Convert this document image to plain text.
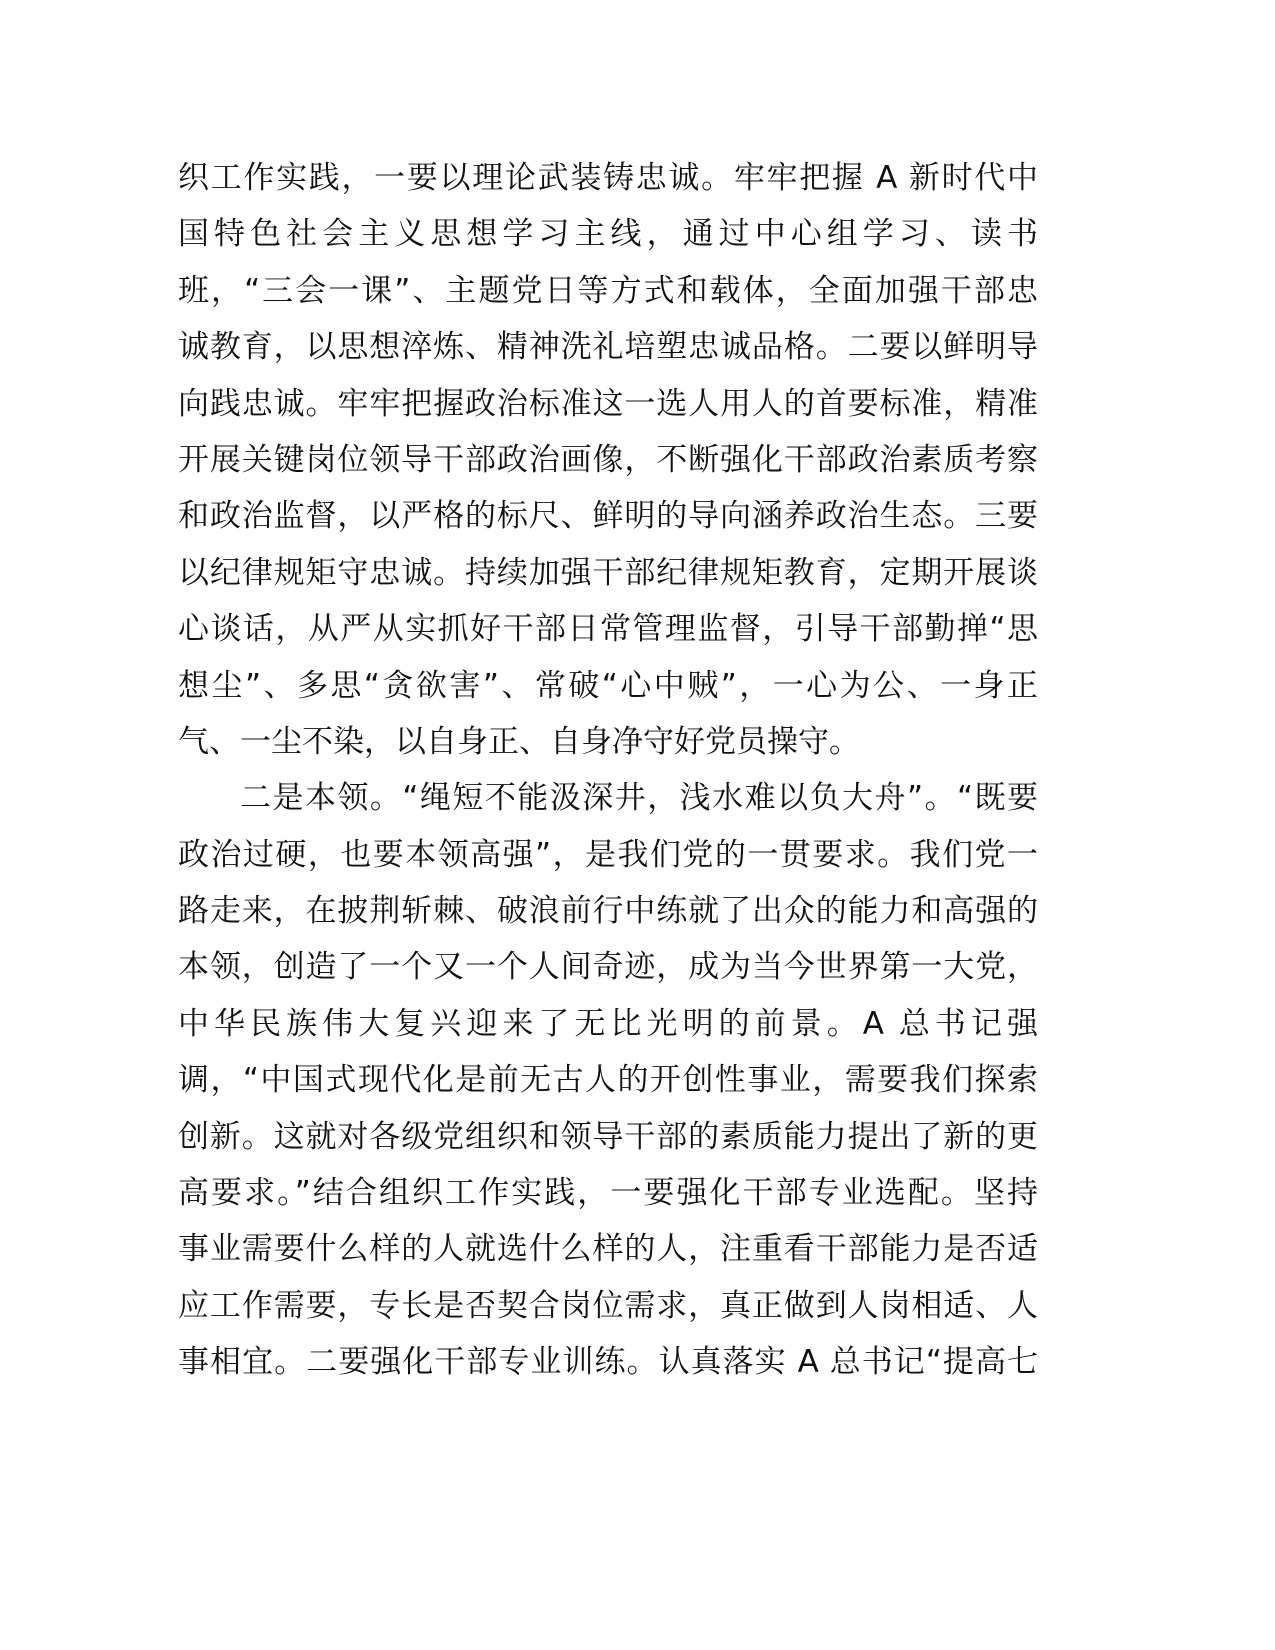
织工作实践，一要以理论武装铸忠诚。牢牢把握 A 新时代中
国特色社会主义思想学习主线，通过中心组学习、读书
班，“三会一课”、主题党日等方式和载体，全面加强干部忠
诚教育，以思想淬炼、精神洗礼培塑忠诚品格。二要以鲜明导
向践忠诚。牢牢把握政治标准这一选人用人的首要标准，精准
开展关键岗位领导干部政治画像，不断强化干部政治素质考察
和政治监督，以严格的标尺、鲜明的导向涵养政治生态。三要
以纪律规矩守忠诚。持续加强干部纪律规矩教育，定期开展谈
心谈话，从严从实抓好干部日常管理监督，引导干部勤掸“思
想尘”、多思“贪欲害”、常破“心中贼”，一心为公、一身正
气、一尘不染，以自身正、自身净守好党员操守。
二是本领。“绳短不能汲深井，浅水难以负大舟”。“既要
政治过硬，也要本领高强”，是我们党的一贯要求。我们党一
路走来，在披荆斩棘、破浪前行中练就了出众的能力和高强的
本领，创造了一个又一个人间奇迹，成为当今世界第一大党，
中华民族伟大复兴迎来了无比光明的前景。A 总书记强
调，“中国式现代化是前无古人的开创性事业，需要我们探索
创新。这就对各级党组织和领导干部的素质能力提出了新的更
高要求。”结合组织工作实践，一要强化干部专业选配。坚持
事业需要什么样的人就选什么样的人，注重看干部能力是否适
应工作需要，专长是否契合岗位需求，真正做到人岗相适、人
事相宜。二要强化干部专业训练。认真落实 A 总书记“提高七
